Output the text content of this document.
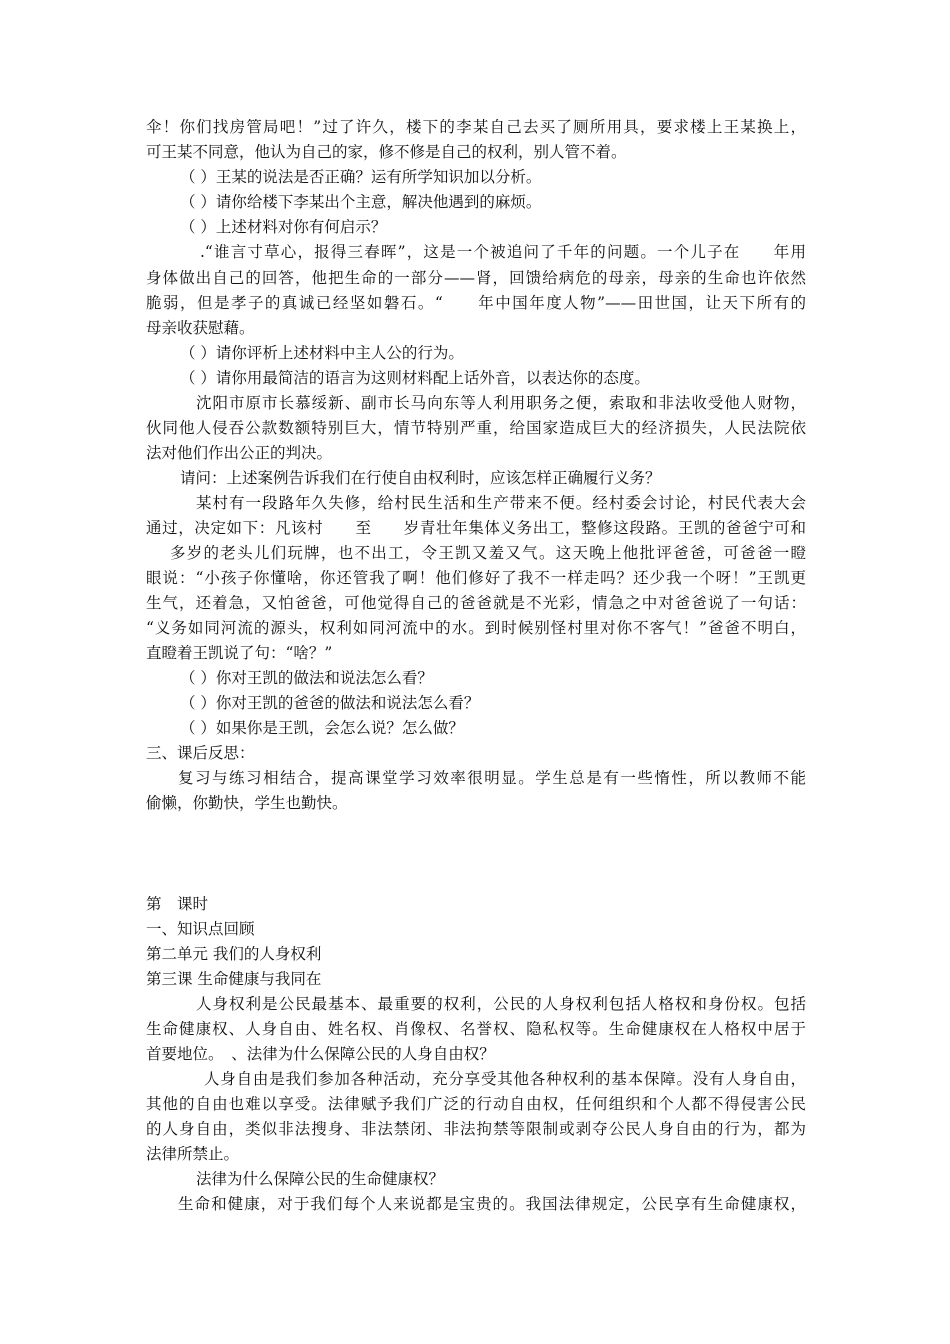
伞！你们找房管局吧！”过了许久，楼下的李某自己去买了厕所用具，要求楼上王某换上，
可王某不同意，他认为自己的家，修不修是自己的权利，别人管不着。
（ ）王某的说法是否正确？运有所学知识加以分析。
（ ）请你给楼下李某出个主意，解决他遇到的麻烦。
（ ）上述材料对你有何启示？
.“谁言寸草心，报得三春晖”，这是一个被追问了千年的问题。一个儿子在　　年用
身体做出自己的回答，他把生命的一部分——肾，回馈给病危的母亲，母亲的生命也许依然
脆弱，但是孝子的真诚已经坚如磐石。“　　年中国年度人物”——田世国，让天下所有的
母亲收获慰藉。
（ ）请你评析上述材料中主人公的行为。
（ ）请你用最简洁的语言为这则材料配上话外音，以表达你的态度。
沈阳市原市长慕绥新、副市长马向东等人利用职务之便，索取和非法收受他人财物，
伙同他人侵吞公款数额特别巨大，情节特别严重，给国家造成巨大的经济损失，人民法院依
法对他们作出公正的判决。
请问：上述案例告诉我们在行使自由权利时，应该怎样正确履行义务？
某村有一段路年久失修，给村民生活和生产带来不便。经村委会讨论，村民代表大会
通过，决定如下：凡该村　　至　　岁青壮年集体义务出工，整修这段路。王凯的爸爸宁可和
多岁的老头儿们玩牌，也不出工，令王凯又羞又气。这天晚上他批评爸爸，可爸爸一瞪
眼说：“小孩子你懂啥，你还管我了啊！他们修好了我不一样走吗？还少我一个呀！”王凯更
生气，还着急，又怕爸爸，可他觉得自己的爸爸就是不光彩，情急之中对爸爸说了一句话：
“义务如同河流的源头，权利如同河流中的水。到时候别怪村里对你不客气！”爸爸不明白，
直瞪着王凯说了句：“啥？”
（ ）你对王凯的做法和说法怎么看？
（ ）你对王凯的爸爸的做法和说法怎么看？
（ ）如果你是王凯，会怎么说？怎么做？
三、课后反思：
复习与练习相结合，提高课堂学习效率很明显。学生总是有一些惰性，所以教师不能
偷懒，你勤快，学生也勤快。
第　课时
一、知识点回顾
第二单元 我们的人身权利
第三课 生命健康与我同在
人身权利是公民最基本、最重要的权利，公民的人身权利包括人格权和身份权。包括
生命健康权、人身自由、姓名权、肖像权、名誉权、隐私权等。生命健康权在人格权中居于
首要地位。　、法律为什么保障公民的人身自由权？
人身自由是我们参加各种活动，充分享受其他各种权利的基本保障。没有人身自由，
其他的自由也难以享受。法律赋予我们广泛的行动自由权，任何组织和个人都不得侵害公民
的人身自由，类似非法搜身、非法禁闭、非法拘禁等限制或剥夺公民人身自由的行为，都为
法律所禁止。
法律为什么保障公民的生命健康权？
生命和健康，对于我们每个人来说都是宝贵的。我国法律规定，公民享有生命健康权，
